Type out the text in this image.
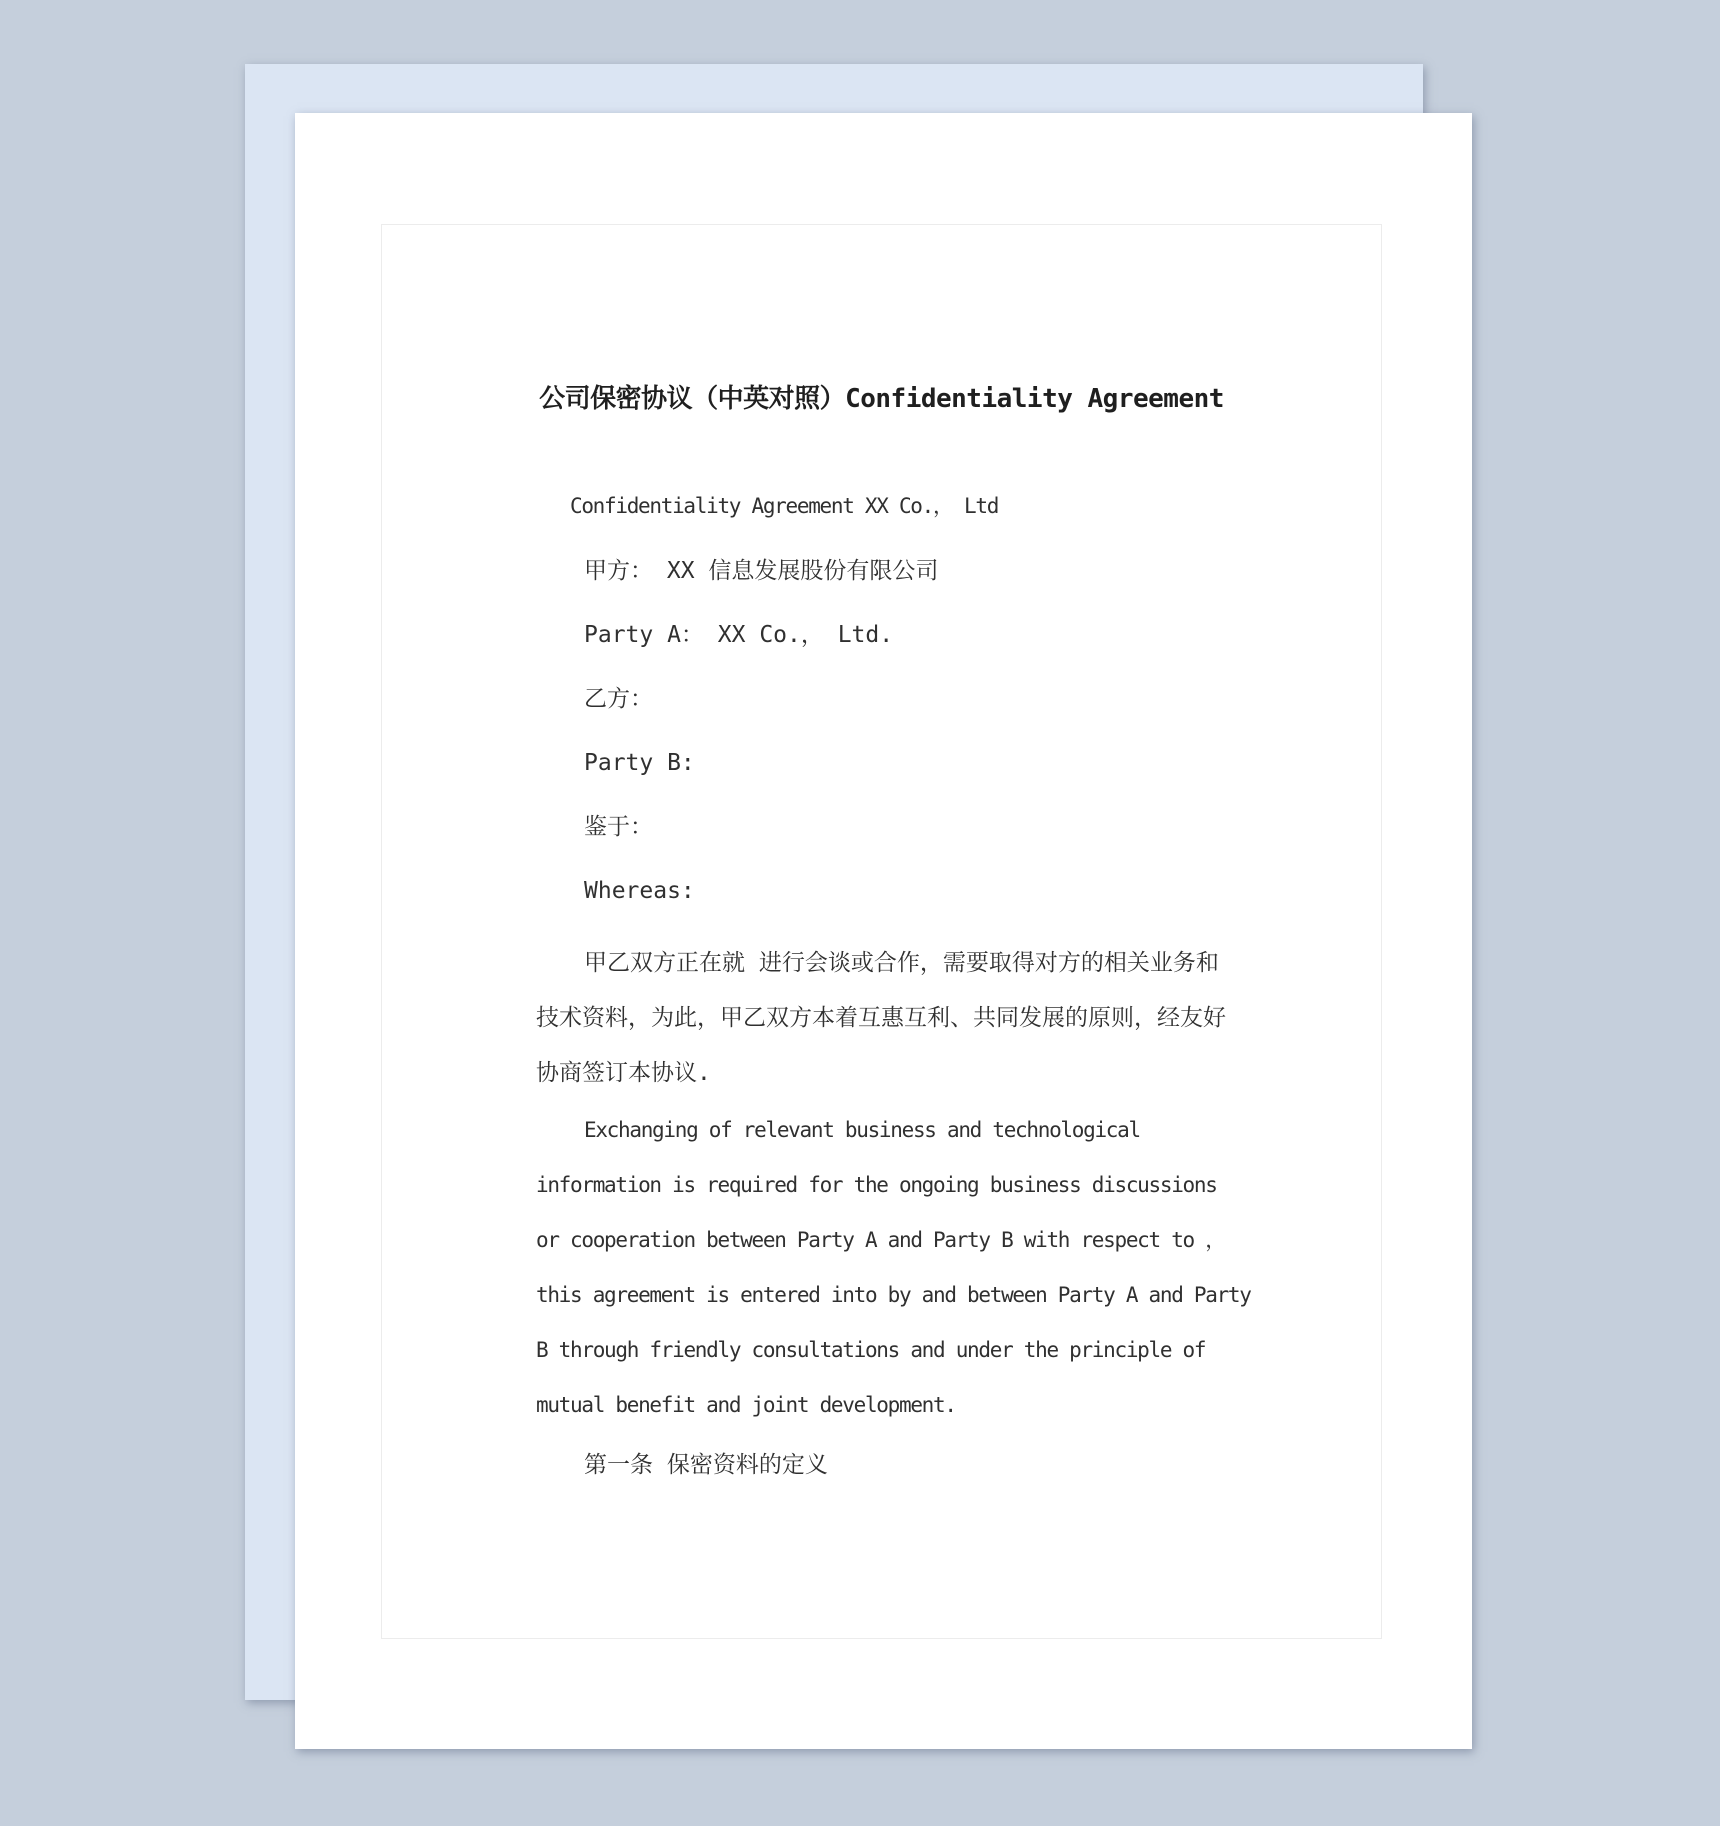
公司保密协议（中英对照）Confidentiality Agreement
Confidentiality Agreement XX Co.， Ltd
甲方： XX 信息发展股份有限公司
Party A： XX Co.， Ltd.
乙方：
Party B:
鉴于：
Whereas:
甲乙双方正在就 进行会谈或合作，需要取得对方的相关业务和
技术资料，为此，甲乙双方本着互惠互利、共同发展的原则，经友好
协商签订本协议.
Exchanging of relevant business and technological
information is required for the ongoing business discussions
or cooperation between Party A and Party B with respect to ，
this agreement is entered into by and between Party A and Party
B through friendly consultations and under the principle of
mutual benefit and joint development.
第一条 保密资料的定义
